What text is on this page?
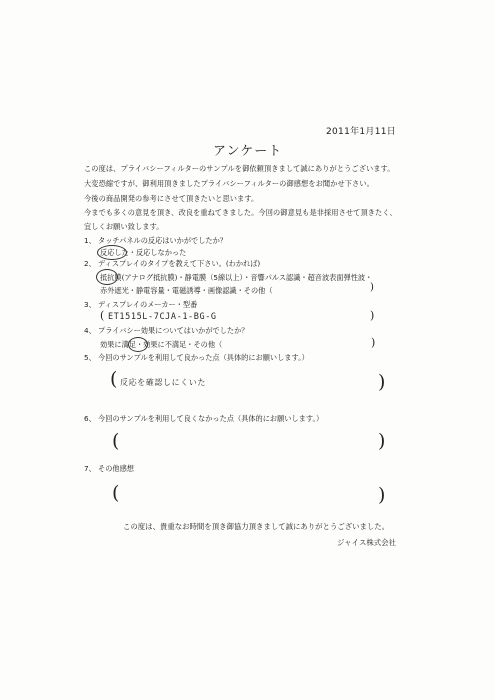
2011年1月11日
アンケート
この度は、プライバシーフィルターのサンプルを御依頼頂きまして誠にありがとうございます。
大変恐縮ですが、御利用頂きましたプライバシーフィルターの御感想をお聞かせ下さい。
今後の商品開発の参考にさせて頂きたいと思います。
今までも多くの意見を頂き、改良を重ねてきました。今回の御意見も是非採用させて頂きたく、
宜しくお願い致します。
1、 タッチパネルの反応はいかがでしたか？
反応した・反応しなかった
2、 ディスプレイのタイプを教えて下さい。(わかれば)
抵抗膜(アナログ抵抗膜)・静電膜（5線以上）・音響パルス認識・超音波表面弾性波・
赤外遮光・静電容量・電磁誘導・画像認識・その他（	)
3、 ディスプレイのメーカー・型番
( ET1515L-7CJA-1-BG-G	)
4、 プライバシー効果についてはいかがでしたか？
効果に満足・効果に不満足・その他（	)
5、 今回のサンプルを利用して良かった点（具体的にお願いします。）
( 反応を確認しにくいた	)
6、 今回のサンプルを利用して良くなかった点（具体的にお願いします。）
(	)
7、 その他感想
(	)
この度は、貴重なお時間を頂き御協力頂きまして誠にありがとうございました。
ジャイス株式会社
